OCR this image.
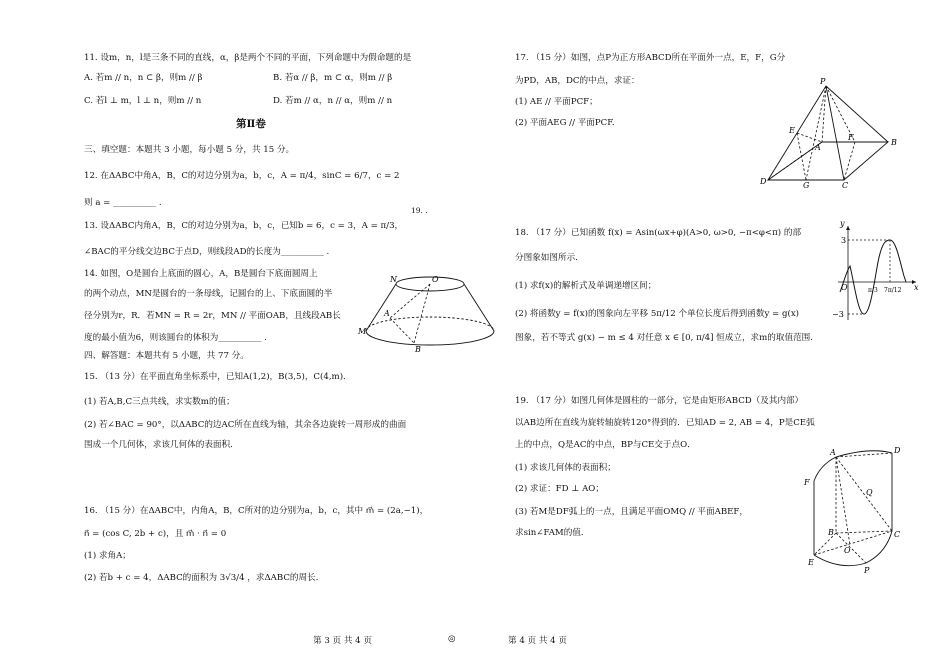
11. 设m，n，l是三条不同的直线，α，β是两个不同的平面，下列命题中为假命题的是
A. 若m // n，n ⊂ β，则m // β	B. 若α // β，m ⊂ α，则m // β
C. 若l ⊥ m，l ⊥ n，则m // n	D. 若m // α，n // α，则m // n
第Ⅱ卷
三、填空题：本题共 3 小题，每小题 5 分，共 15 分。
12. 在ΔABC中角A，B，C的对边分别为a，b，c，A = π/4，sinC = 6/7，c = 2
则 a = __________ .
19. .
13. 设ΔABC内角A，B，C的对边分别为a，b，c，已知b = 6，c = 3，A = π/3，
∠BAC的平分线交边BC于点D，则线段AD的长度为__________ .
14. 如图，O是圆台上底面的圆心，A，B是圆台下底面圆周上
的两个动点，MN是圆台的一条母线，记圆台的上、下底面圆的半
径分别为r，R．若MN = R = 2r，MN // 平面OAB，且线段AB长
度的最小值为6，则该圆台的体积为__________ .
四、解答题：本题共有 5 小题，共 77 分。
15. （13 分）在平面直角坐标系中，已知A(1,2)，B(3,5)，C(4,m)．
(1) 若A,B,C三点共线，求实数m的值；
(2) 若∠BAC = 90°，以ΔABC的边AC所在直线为轴，其余各边旋转一周形成的曲面
围成一个几何体，求该几何体的表面积．
16. （15 分）在ΔABC中，内角A，B，C所对的边分别为a，b，c，其中 m⃗ = (2a,−1)，
n⃗ = (cos C, 2b + c)，且 m⃗ · n⃗ = 0
(1) 求角A；
(2) 若b + c = 4，ΔABC的面积为 3√3/4 ，求ΔABC的周长．
N	O
A
M
B
17. （15 分）如图，点P为正方形ABCD所在平面外一点，E，F，G分
为PD，AB，DC的中点，求证：
(1) AE // 平面PCF；
(2) 平面AEG // 平面PCF.
P
E
F
A
B
D	G	C
18. （17 分）已知函数 f(x) = Asin(ωx+φ)(A>0, ω>0, −π<φ<π) 的部
分图象如图所示．
(1) 求f(x)的解析式及单调递增区间；
(2) 将函数y = f(x)的图象向左平移 5π/12 个单位长度后得到函数y = g(x)
图象，若不等式 g(x) − m ≤ 4 对任意 x ∈ [0, π/4] 恒成立，求m的取值范围．
y
3
O	x
−3
π/3 7π/12
19. （17 分）如图几何体是圆柱的一部分，它是由矩形ABCD（及其内部）
以AB边所在直线为旋转轴旋转120°得到的．已知AD = 2, AB = 4，P是CE弧
上的中点，Q是AC的中点，BP与CE交于点O．
(1) 求该几何体的表面积；
(2) 求证：FD ⊥ AO；
(3) 若M是DF弧上的一点，且满足平面OMQ // 平面ABEF，
求sin∠FAM的值．
A	D
F
Q
B	C
O
E
P
第 3 页 共 4 页	◎	第 4 页 共 4 页
